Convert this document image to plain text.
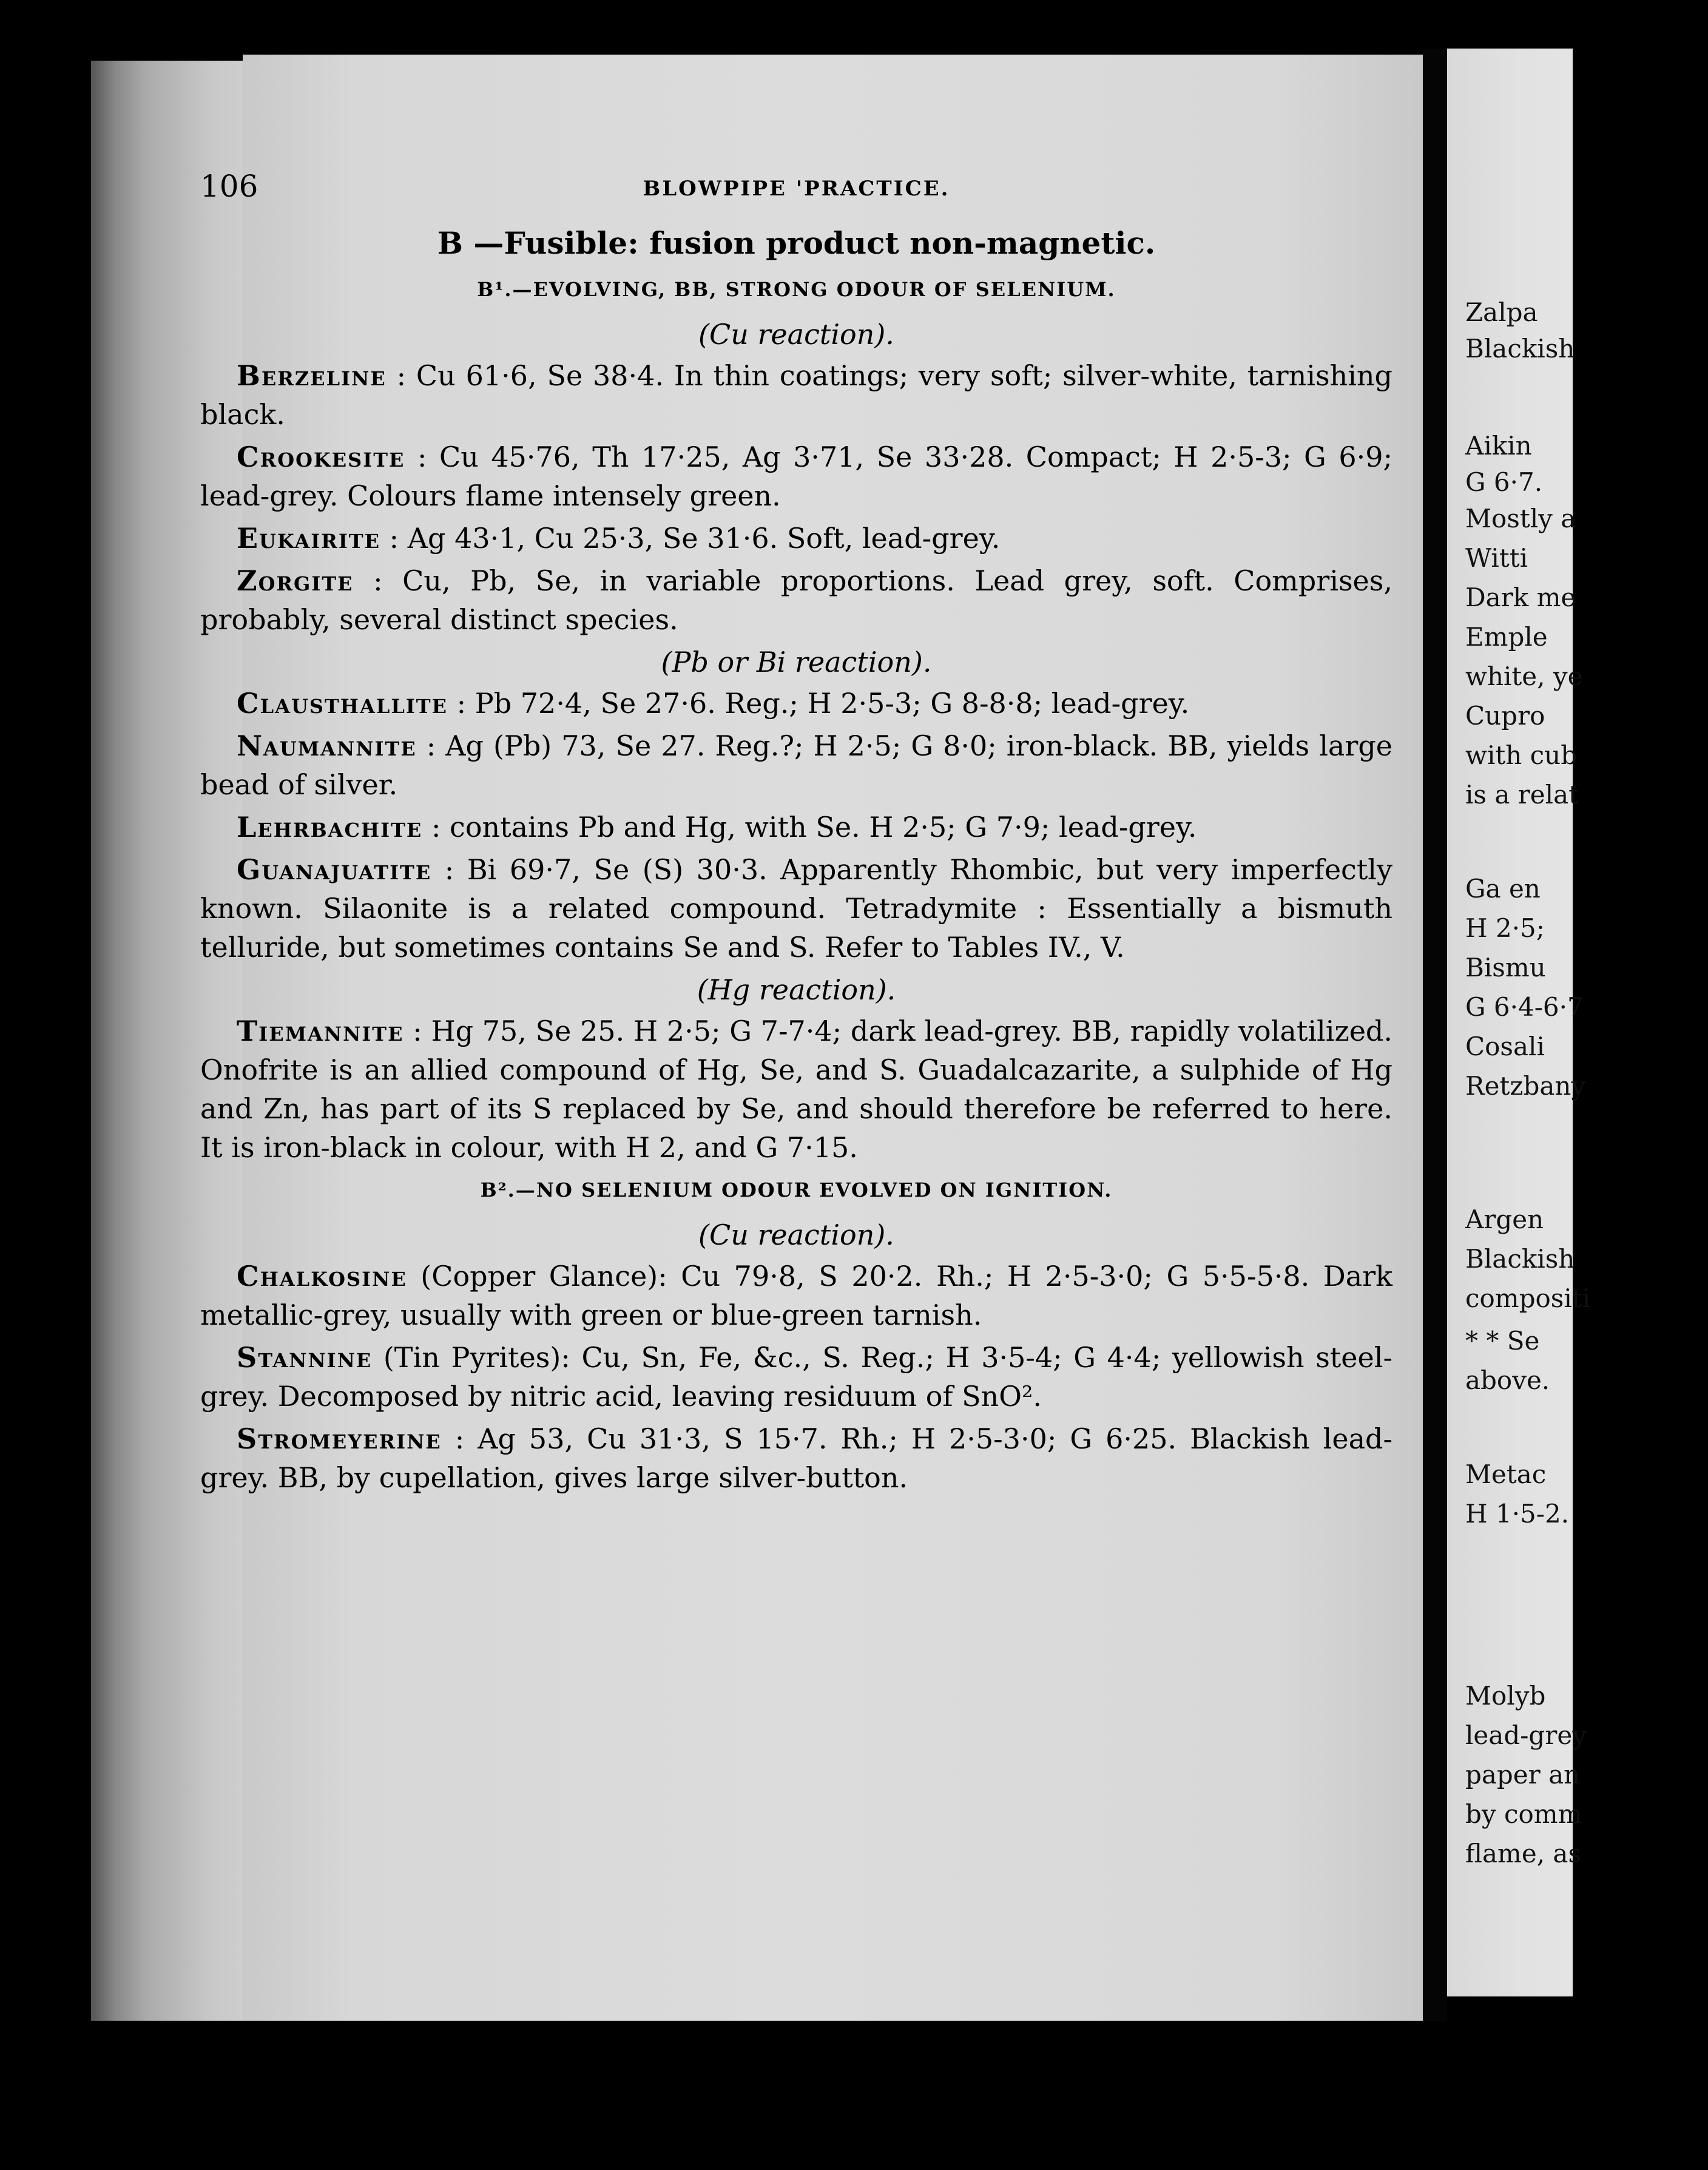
106	BLOWPIPE 'PRACTICE.
B —Fusible: fusion product non-magnetic.
B¹.—EVOLVING, BB, STRONG ODOUR OF SELENIUM.
(Cu reaction).

Berzeline : Cu 61·6, Se 38·4. In thin coatings; very soft; silver-white, tarnishing black.

Crookesite : Cu 45·76, Th 17·25, Ag 3·71, Se 33·28. Compact; H 2·5-3; G 6·9; lead-grey. Colours flame intensely green.

Eukairite : Ag 43·1, Cu 25·3, Se 31·6. Soft, lead-grey.

Zorgite : Cu, Pb, Se, in variable proportions. Lead grey, soft. Comprises, probably, several distinct species.

(Pb or Bi reaction).

Clausthallite : Pb 72·4, Se 27·6. Reg.; H 2·5-3; G 8-8·8; lead-grey.

Naumannite : Ag (Pb) 73, Se 27. Reg.?; H 2·5; G 8·0; iron-black. BB, yields large bead of silver.

Lehrbachite : contains Pb and Hg, with Se. H 2·5; G 7·9; lead-grey.

Guanajuatite : Bi 69·7, Se (S) 30·3. Apparently Rhombic, but very imperfectly known. Silaonite is a related compound. Tetradymite : Essentially a bismuth telluride, but sometimes contains Se and S. Refer to Tables IV., V.

(Hg reaction).

Tiemannite : Hg 75, Se 25. H 2·5; G 7-7·4; dark lead-grey. BB, rapidly volatilized. Onofrite is an allied compound of Hg, Se, and S. Guadalcazarite, a sulphide of Hg and Zn, has part of its S replaced by Se, and should therefore be referred to here. It is iron-black in colour, with H 2, and G 7·15.

B².—NO SELENIUM ODOUR EVOLVED ON IGNITION.
(Cu reaction).

Chalkosine (Copper Glance): Cu 79·8, S 20·2. Rh.; H 2·5-3·0; G 5·5-5·8. Dark metallic-grey, usually with green or blue-green tarnish.

Stannine (Tin Pyrites): Cu, Sn, Fe, &c., S. Reg.; H 3·5-4; G 4·4; yellowish steel-grey. Decomposed by nitric acid, leaving residuum of SnO².

Stromeyerine : Ag 53, Cu 31·3, S 15·7. Rh.; H 2·5-3·0; G 6·25. Blackish lead-grey. BB, by cupellation, gives large silver-button.

Zalpa
Blackish
Aikin
G 6·7.
Mostly a
Witti
Dark me
Emple
white, ye
Cupro
with cub
is a relat
Ga en
H 2·5;
Bismu
G 6·4-6·7
Cosali
Retzbany
Argen
Blackish
compositi
* * Se
above.
Metac
H 1·5-2.
Molyb
lead-grey
paper an
by comm
flame, as
